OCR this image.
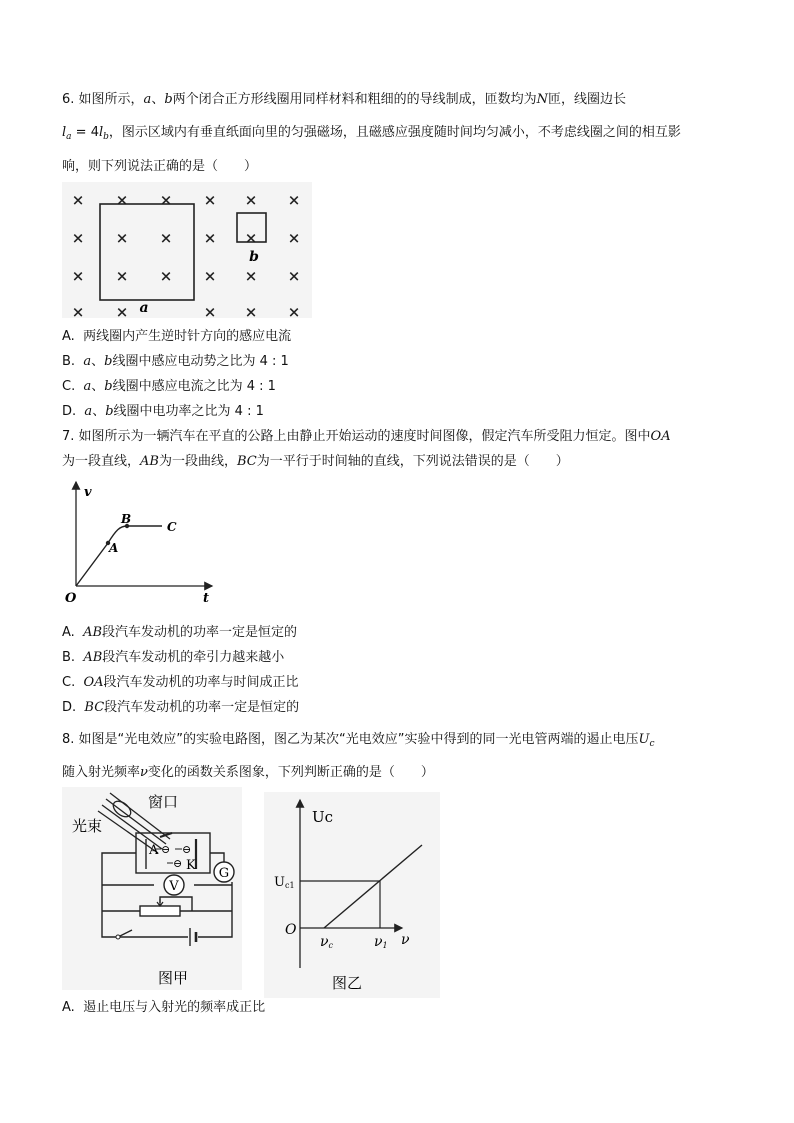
6. 如图所示，a、b两个闭合正方形线圈用同样材料和粗细的的导线制成，匝数均为N匝，线圈边长
$l_a = 4l_b$，图示区域内有垂直纸面向里的匀强磁场，且磁感应强度随时间均匀减小，不考虑线圈之间的相互影
响，则下列说法正确的是（　　）
× × × × × ×
× × × × × ×
× × × × × ×
× ×	× × ×
a
b
A. 两线圈内产生逆时针方向的感应电流
B. a、b线圈中感应电动势之比为 4 : 1
C. a、b线圈中感应电流之比为 4 : 1
D. a、b线圈中电功率之比为 4 : 1
7. 如图所示为一辆汽车在平直的公路上由静止开始运动的速度时间图像，假定汽车所受阻力恒定。图中OA
为一段直线，AB为一段曲线，BC为一平行于时间轴的直线，下列说法错误的是（　　）
v
t
O
A
B
C
A. AB段汽车发动机的功率一定是恒定的
B. AB段汽车发动机的牵引力越来越小
C. OA段汽车发动机的功率与时间成正比
D. BC段汽车发动机的功率一定是恒定的
8. 如图是“光电效应”的实验电路图，图乙为某次“光电效应”实验中得到的同一光电管两端的遏止电压$U_c$
随入射光频率ν变化的函数关系图象，下列判断正确的是（　　）
A
K
⊖ ⊖
⊖
G
V
窗口
光束
图甲
Uc
Uc1
O
νc	ν1 ν
图乙
A. 遏止电压与入射光的频率成正比
